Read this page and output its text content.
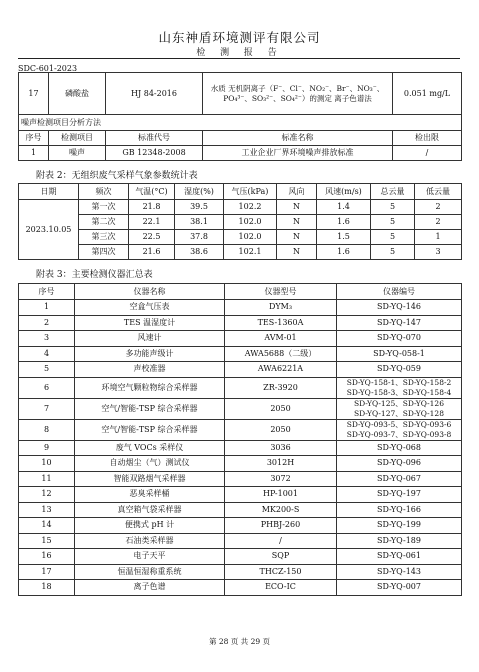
山东神盾环境测评有限公司
检 测 报 告
SDC-601-2023
17	磷酸盐	HJ 84-2016	水质 无机阴离子（F⁻、Cl⁻、NO₂⁻、Br⁻、NO₃⁻、PO₄³⁻、SO₃²⁻、SO₄²⁻）的测定 离子色谱法	0.051 mg/L
噪声检测项目分析方法				
序号	检测项目	标准代号	标准名称	检出限
1	噪声	GB 12348-2008	工业企业厂界环境噪声排放标准	/
附表 2：无组织废气采样气象参数统计表
日期	频次	气温(°C)	湿度(%)	气压(kPa)	风向	风速(m/s)	总云量	低云量
2023.10.05	第一次	21.8	39.5	102.2	N	1.4	5	2
	第二次	22.1	38.1	102.0	N	1.6	5	2
	第三次	22.5	37.8	102.0	N	1.5	5	1
	第四次	21.6	38.6	102.1	N	1.6	5	3
附表 3：主要检测仪器汇总表
序号	仪器名称	仪器型号	仪器编号
1	空盒气压表	DYM₃	SD-YQ-146
2	TES 温湿度计	TES-1360A	SD-YQ-147
3	风速计	AVM-01	SD-YQ-070
4	多功能声级计	AWA5688（二级）	SD-YQ-058-1
5	声校准器	AWA6221A	SD-YQ-059
6	环境空气颗粒物综合采样器	ZR-3920	SD-YQ-158-1、SD-YQ-158-2
SD-YQ-158-3、SD-YQ-158-4

7	空气/智能-TSP 综合采样器	2050	SD-YQ-125、SD-YQ-126
SD-YQ-127、SD-YQ-128

8	空气/智能-TSP 综合采样器	2050	SD-YQ-093-5、SD-YQ-093-6
SD-YQ-093-7、SD-YQ-093-8

9	废气 VOCs 采样仪	3036	SD-YQ-068
10	自动烟尘（气）测试仪	3012H	SD-YQ-096
11	智能双路烟气采样器	3072	SD-YQ-067
12	恶臭采样桶	HP-1001	SD-YQ-197
13	真空箱气袋采样器	MK200-S	SD-YQ-166
14	便携式 pH 计	PHBJ-260	SD-YQ-199
15	石油类采样器	/	SD-YQ-189
16	电子天平	SQP	SD-YQ-061
17	恒温恒湿称重系统	THCZ-150	SD-YQ-143
18	离子色谱	ECO-IC	SD-YQ-007
第 28 页 共 29 页
